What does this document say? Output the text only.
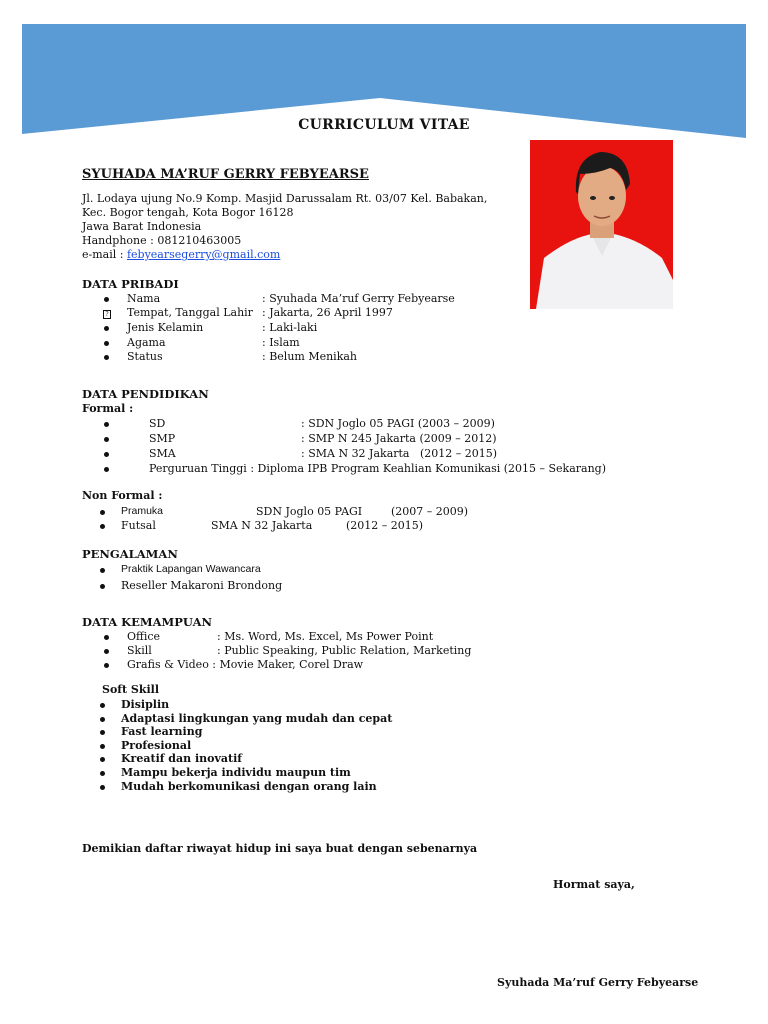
CURRICULUM VITAE
SYUHADA MA’RUF GERRY FEBYEARSE
Jl. Lodaya ujung No.9 Komp. Masjid Darussalam Rt. 03/07 Kel. Babakan,
Kec. Bogor tengah, Kota Bogor 16128
Jawa Barat Indonesia
Handphone : 081210463005
e-mail : febyearsegerry@gmail.com
DATA PRIBADI
Nama	: Syuhada Ma’ruf Gerry Febyearse
? Tempat, Tanggal Lahir : Jakarta, 26 April 1997
Jenis Kelamin	: Laki-laki
Agama	: Islam
Status	: Belum Menikah
DATA PENDIDIKAN
Formal :
SD	: SDN Joglo 05 PAGI (2003 – 2009)
SMP	: SMP N 245 Jakarta (2009 – 2012)
SMA	: SMA N 32 Jakarta   (2012 – 2015)
Perguruan Tinggi : Diploma IPB Program Keahlian Komunikasi (2015 – Sekarang)
Non Formal :
Pramuka	SDN Joglo 05 PAGI	(2007 – 2009)
Futsal	SMA N 32 Jakarta	(2012 – 2015)
PENGALAMAN
Praktik Lapangan Wawancara
Reseller Makaroni Brondong
DATA KEMAMPUAN
Office	: Ms. Word, Ms. Excel, Ms Power Point
Skill	: Public Speaking, Public Relation, Marketing
Grafis & Video : Movie Maker, Corel Draw
Soft Skill
Disiplin
Adaptasi lingkungan yang mudah dan cepat
Fast learning
Profesional
Kreatif dan inovatif
Mampu bekerja individu maupun tim
Mudah berkomunikasi dengan orang lain
Demikian daftar riwayat hidup ini saya buat dengan sebenarnya
Hormat saya,
Syuhada Ma’ruf Gerry Febyearse
